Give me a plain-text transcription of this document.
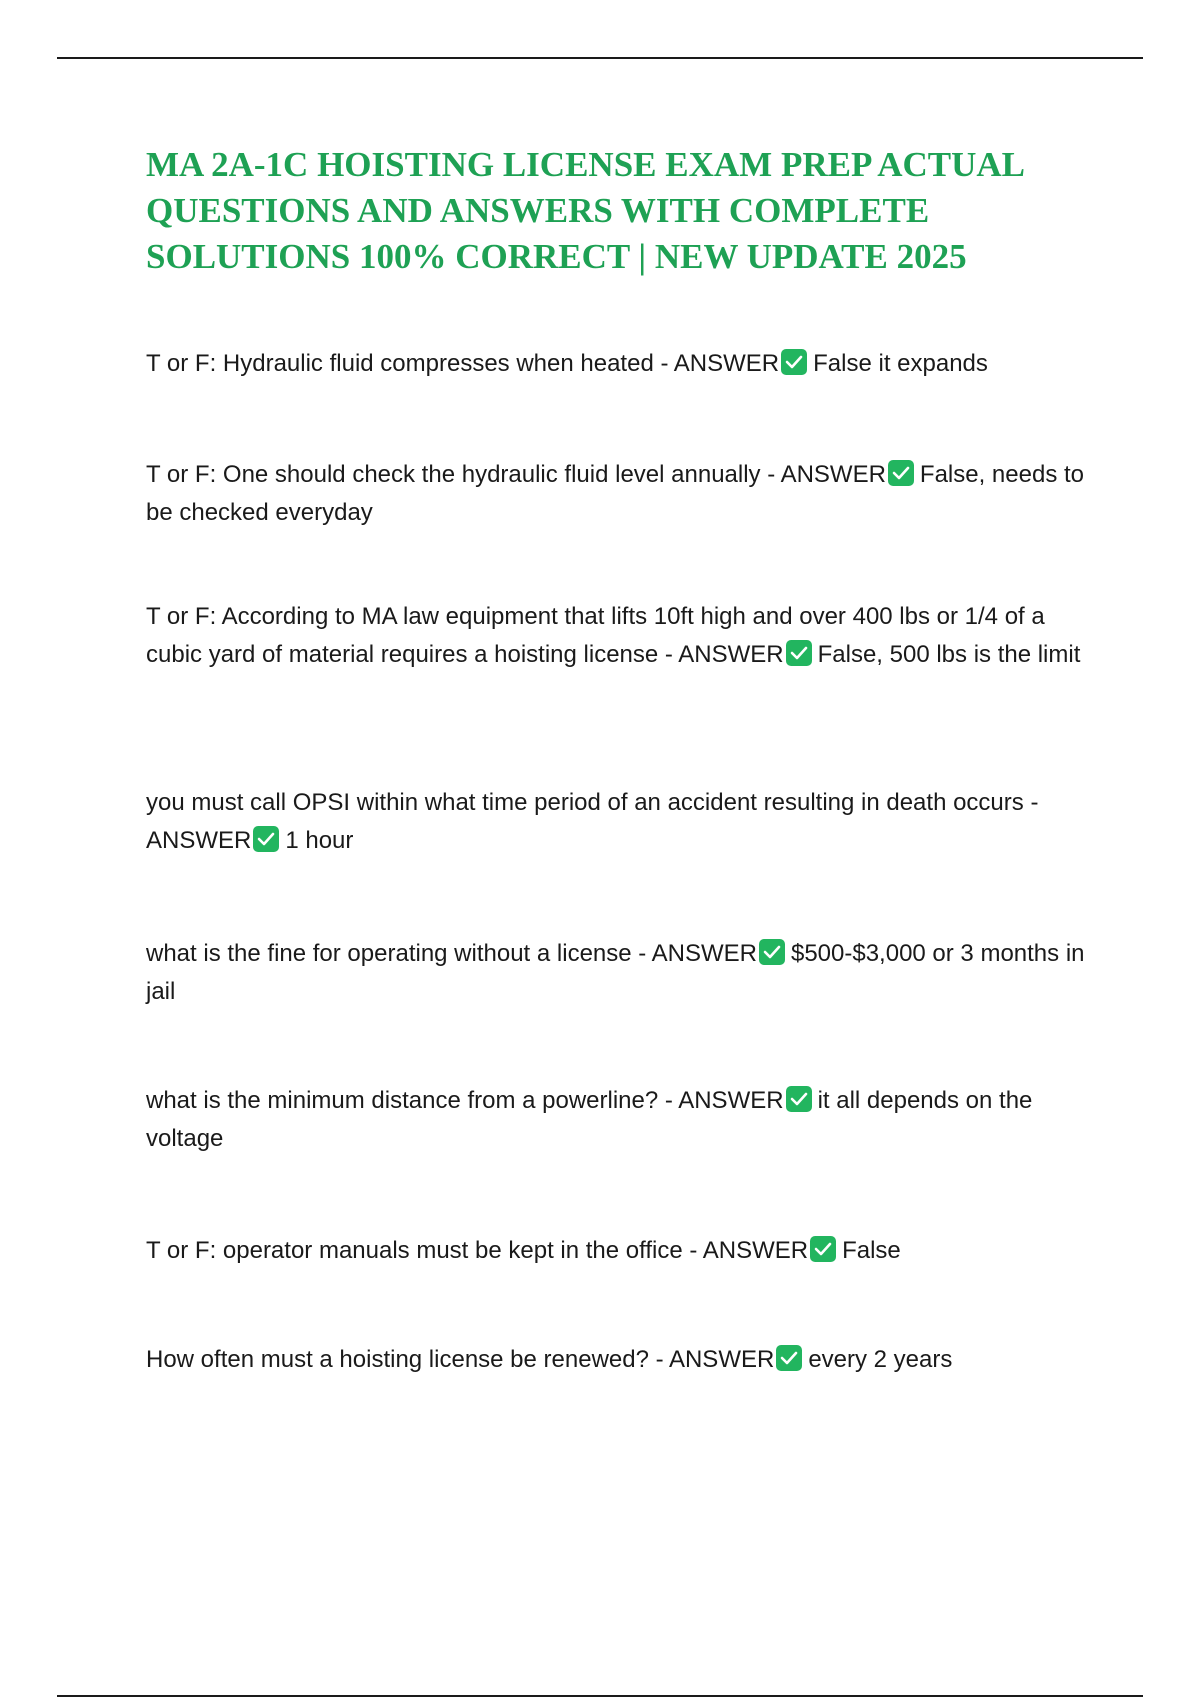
MA 2A-1C HOISTING LICENSE EXAM PREP ACTUAL QUESTIONS AND ANSWERS WITH COMPLETE SOLUTIONS 100% CORRECT | NEW UPDATE 2025

T or F: Hydraulic fluid compresses when heated - ANSWER False it expands

T or F: One should check the hydraulic fluid level annually - ANSWER False, needs to be checked everyday

T or F: According to MA law equipment that lifts 10ft high and over 400 lbs or 1/4 of a cubic yard of material requires a hoisting license - ANSWER False, 500 lbs is the limit

you must call OPSI within what time period of an accident resulting in death occurs - ANSWER 1 hour

what is the fine for operating without a license - ANSWER $500-$3,000 or 3 months in jail

what is the minimum distance from a powerline? - ANSWER it all depends on the voltage

T or F: operator manuals must be kept in the office - ANSWER False

How often must a hoisting license be renewed? - ANSWER every 2 years
